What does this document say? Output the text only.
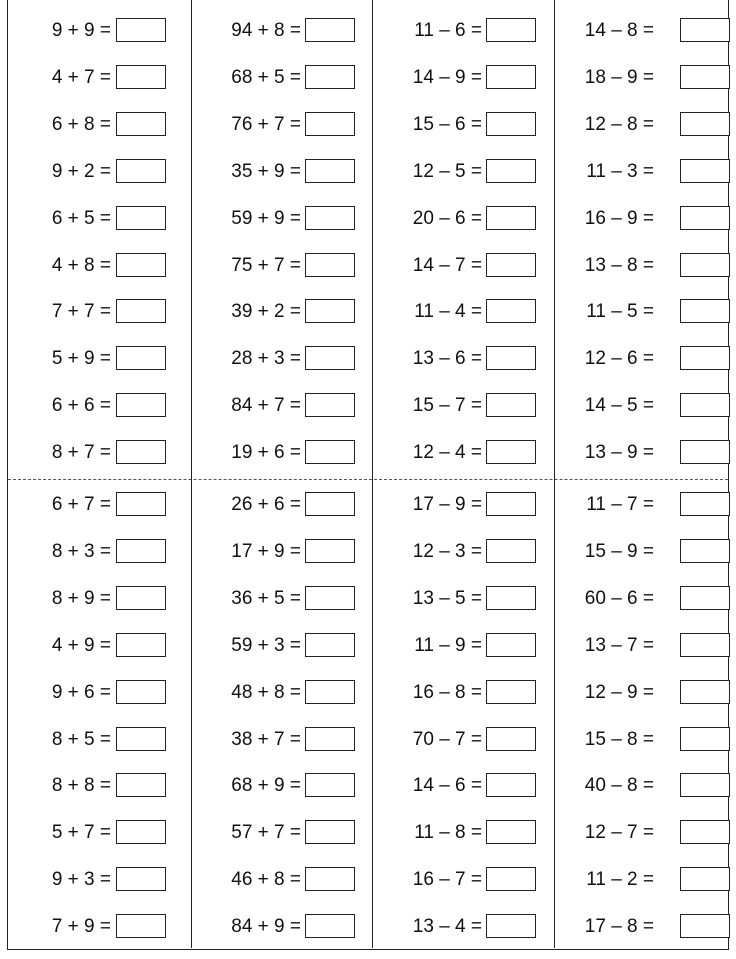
9 + 9 =
4 + 7 =
6 + 8 =
9 + 2 =
6 + 5 =
4 + 8 =
7 + 7 =
5 + 9 =
6 + 6 =
8 + 7 =
6 + 7 =
8 + 3 =
8 + 9 =
4 + 9 =
9 + 6 =
8 + 5 =
8 + 8 =
5 + 7 =
9 + 3 =
7 + 9 =
94 + 8 =
68 + 5 =
76 + 7 =
35 + 9 =
59 + 9 =
75 + 7 =
39 + 2 =
28 + 3 =
84 + 7 =
19 + 6 =
26 + 6 =
17 + 9 =
36 + 5 =
59 + 3 =
48 + 8 =
38 + 7 =
68 + 9 =
57 + 7 =
46 + 8 =
84 + 9 =
11 – 6 =
14 – 9 =
15 – 6 =
12 – 5 =
20 – 6 =
14 – 7 =
11 – 4 =
13 – 6 =
15 – 7 =
12 – 4 =
17 – 9 =
12 – 3 =
13 – 5 =
11 – 9 =
16 – 8 =
70 – 7 =
14 – 6 =
11 – 8 =
16 – 7 =
13 – 4 =
14 – 8 =
18 – 9 =
12 – 8 =
11 – 3 =
16 – 9 =
13 – 8 =
11 – 5 =
12 – 6 =
14 – 5 =
13 – 9 =
11 – 7 =
15 – 9 =
60 – 6 =
13 – 7 =
12 – 9 =
15 – 8 =
40 – 8 =
12 – 7 =
11 – 2 =
17 – 8 =
